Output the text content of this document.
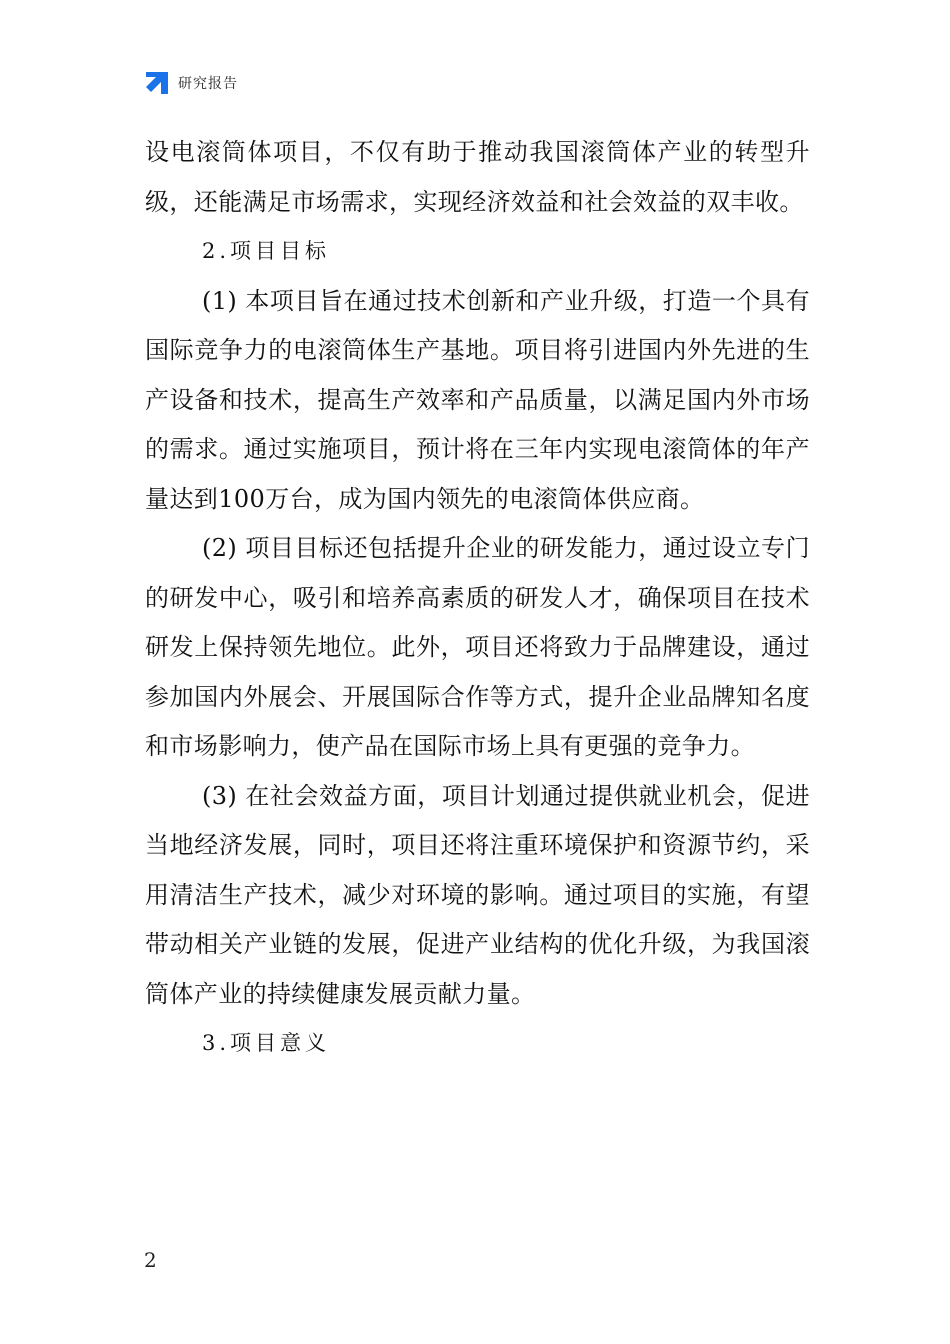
研究报告

设电滚筒体项目，不仅有助于推动我国滚筒体产业的转型升级，还能满足市场需求，实现经济效益和社会效益的双丰收。

2.项目目标

(1) 本项目旨在通过技术创新和产业升级，打造一个具有国际竞争力的电滚筒体生产基地。项目将引进国内外先进的生产设备和技术，提高生产效率和产品质量，以满足国内外市场的需求。通过实施项目，预计将在三年内实现电滚筒体的年产量达到100万台，成为国内领先的电滚筒体供应商。

(2) 项目目标还包括提升企业的研发能力，通过设立专门的研发中心，吸引和培养高素质的研发人才，确保项目在技术研发上保持领先地位。此外，项目还将致力于品牌建设，通过参加国内外展会、开展国际合作等方式，提升企业品牌知名度和市场影响力，使产品在国际市场上具有更强的竞争力。

(3) 在社会效益方面，项目计划通过提供就业机会，促进当地经济发展，同时，项目还将注重环境保护和资源节约，采用清洁生产技术，减少对环境的影响。通过项目的实施，有望带动相关产业链的发展，促进产业结构的优化升级，为我国滚筒体产业的持续健康发展贡献力量。

3.项目意义

2
